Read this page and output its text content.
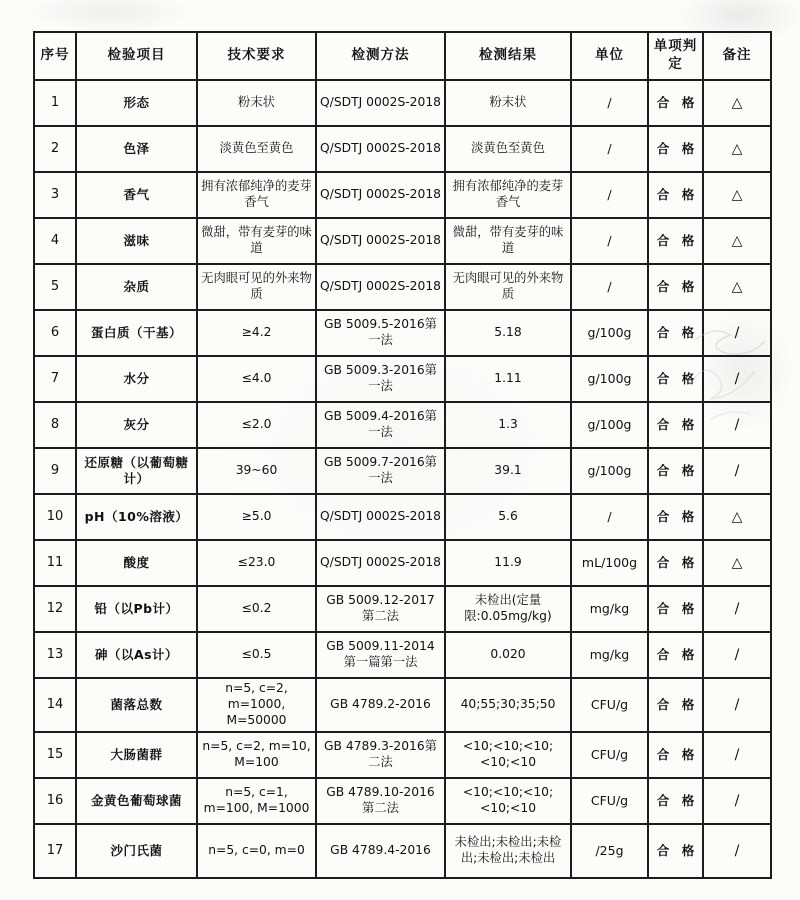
序号	检验项目	技术要求	检测方法	检测结果	单位	单项判定	备注
1	形态	粉末状	Q/SDTJ 0002S-2018	粉末状	/	合　格	△
2	色泽	淡黄色至黄色	Q/SDTJ 0002S-2018	淡黄色至黄色	/	合　格	△
3	香气	拥有浓郁纯净的麦芽香气	Q/SDTJ 0002S-2018	拥有浓郁纯净的麦芽香气	/	合　格	△
4	滋味	微甜，带有麦芽的味道	Q/SDTJ 0002S-2018	微甜，带有麦芽的味道	/	合　格	△
5	杂质	无肉眼可见的外来物质	Q/SDTJ 0002S-2018	无肉眼可见的外来物质	/	合　格	△
6	蛋白质（干基）	≥4.2	GB 5009.5-2016第一法	5.18	g/100g	合　格	/
7	水分	≤4.0	GB 5009.3-2016第一法	1.11	g/100g	合　格	/
8	灰分	≤2.0	GB 5009.4-2016第一法	1.3	g/100g	合　格	/
9	还原糖（以葡萄糖计）	39~60	GB 5009.7-2016第一法	39.1	g/100g	合　格	/
10	pH（10%溶液）	≥5.0	Q/SDTJ 0002S-2018	5.6	/	合　格	△
11	酸度	≤23.0	Q/SDTJ 0002S-2018	11.9	mL/100g	合　格	△
12	铅（以Pb计）	≤0.2	GB 5009.12-2017 第二法	未检出(定量限:0.05mg/kg)	mg/kg	合　格	/
13	砷（以As计）	≤0.5	GB 5009.11-2014 第一篇第一法	0.020	mg/kg	合　格	/
14	菌落总数	n=5, c=2, m=1000, M=50000	GB 4789.2-2016	40;55;30;35;50	CFU/g	合　格	/
15	大肠菌群	n=5, c=2, m=10, M=100	GB 4789.3-2016第二法	<10;<10;<10;<10;<10	CFU/g	合　格	/
16	金黄色葡萄球菌	n=5, c=1, m=100, M=1000	GB 4789.10-2016 第二法	<10;<10;<10;<10;<10	CFU/g	合　格	/
17	沙门氏菌	n=5, c=0, m=0	GB 4789.4-2016	未检出;未检出;未检出;未检出;未检出	/25g	合　格	/
